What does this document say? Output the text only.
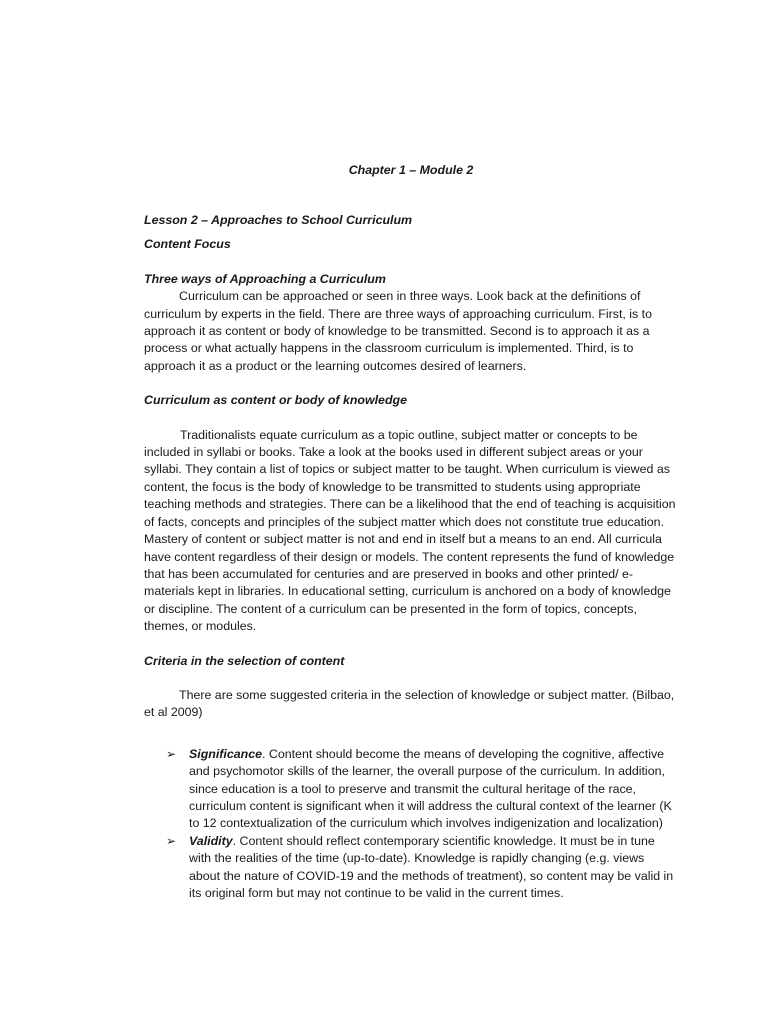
Chapter 1 – Module 2

Lesson 2 – Approaches to School Curriculum

Content Focus

Three ways of Approaching a Curriculum

Curriculum can be approached or seen in three ways. Look back at the definitions of curriculum by experts in the field. There are three ways of approaching curriculum. First, is to approach it as content or body of knowledge to be transmitted. Second is to approach it as a process or what actually happens in the classroom curriculum is implemented. Third, is to approach it as a product or the learning outcomes desired of learners.

Curriculum as content or body of knowledge

Traditionalists equate curriculum as a topic outline, subject matter or concepts to be included in syllabi or books. Take a look at the books used in different subject areas or your syllabi. They contain a list of topics or subject matter to be taught. When curriculum is viewed as content, the focus is the body of knowledge to be transmitted to students using appropriate teaching methods and strategies. There can be a likelihood that the end of teaching is acquisition of facts, concepts and principles of the subject matter which does not constitute true education. Mastery of content or subject matter is not and end in itself but a means to an end. All curricula have content regardless of their design or models. The content represents the fund of knowledge that has been accumulated for centuries and are preserved in books and other printed/ e- materials kept in libraries. In educational setting, curriculum is anchored on a body of knowledge or discipline. The content of a curriculum can be presented in the form of topics, concepts, themes, or modules.

Criteria in the selection of content

There are some suggested criteria in the selection of knowledge or subject matter. (Bilbao, et al 2009)

➢ Significance. Content should become the means of developing the cognitive, affective and psychomotor skills of the learner, the overall purpose of the curriculum. In addition, since education is a tool to preserve and transmit the cultural heritage of the race, curriculum content is significant when it will address the cultural context of the learner (K to 12 contextualization of the curriculum which involves indigenization and localization)
➢ Validity. Content should reflect contemporary scientific knowledge. It must be in tune with the realities of the time (up-to-date). Knowledge is rapidly changing (e.g. views about the nature of COVID-19 and the methods of treatment), so content may be valid in its original form but may not continue to be valid in the current times.
